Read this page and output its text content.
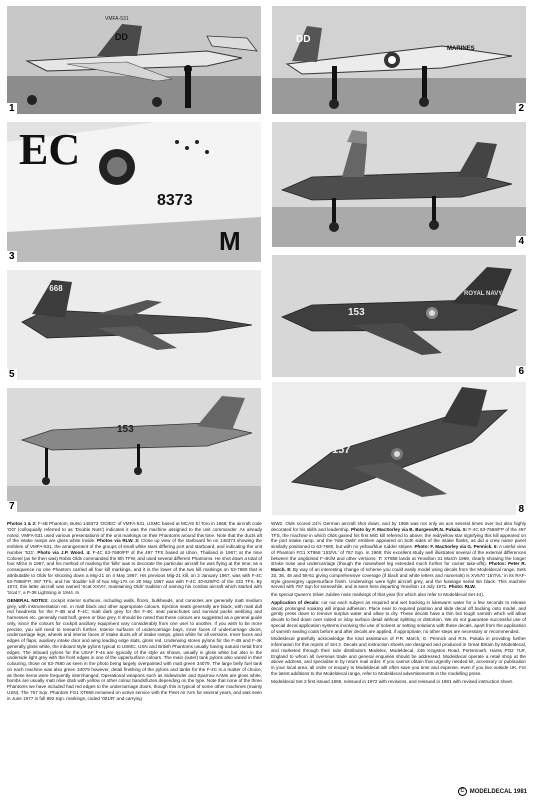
DD
VMFA-531
1
MARINES
DD
2
EC
8373
M
3
4
FP 668
5
ROYAL NAVY
153
6
153
7
157
8

Photos 1 & 2: F-4B Phantom, BuNo 148373 'OO/EC' of VMFA-531, USMC based at MCAS El Toro in 1968; the aircraft code 'OO' (colloquially referred to as 'Double Nuts') indicates it was the machine assigned to the unit commander. As already noted, VMFA-531 used various presentations of the unit markings on their Phantoms around this time. Note that the ducts aft of the intake ramps are gloss white inside. Photos via RLW. 3: Close up view of the starboard fin on 148373 showing the emblem of VMFA-531, the arrangement of the groups of small white stars differing port and starboard, and indicating the unit number '531'. Photo via J.P. Wood. 4: F-4C 63-7680/FP of the 497 TFS based at Ubon, Thailand in 1967; at the time Colonel (as he then was) Robin Olds commanded the 8th TFW, and used several different Phantoms. He shot down a total of four MiGs in 1967, and his method of marking the 'kills' was to decorate the particular aircraft he was flying at the time; as a consequence no one Phantom carried all four kill markings, and it is the lower of the two kill markings on 63-7680 that is attributable to Olds for shooting down a Mig-21 on 4 May 1967. His previous Mig-21 kill, on 2 January 1967, was with F-4C 63-7668/FP, 497 TFS, and his 'double' kill of two Mig-17s on 20 May 1967 was with F-4C 40-829/FG of the 433 TFS. By 1974, this latter aircraft was named 'Scat XXVII', maintaining Olds' tradition of naming his combat aircraft which started with 'Scat I', a P-38 Lightning in 1944. In

GENERAL NOTES: cockpit interior surfaces, including walls, floors, bulkheads, and consoles are generally matt medium grey, with instrumentation etc. in matt black and other appropriate colours. Ejection seats generally are black, with matt dull red headrests for the F-4B and F-4C; matt dark grey for the F-4K; seat parachutes and survival packs webbing and harnesses etc. generally matt buff, green or blue grey. It should be noted that these colours are suggested as a general guide only, since the colours for cockpit ancillary equipment vary considerably from one user to another. If you wish to be more precise, you will need to research further. Interior surfaces of undercarriage bays, inner faces of undercarriage doors, undercarriage legs, wheels and interior faces of intake ducts aft of intake ramps, gloss white for all versions. Inner faces and edges of flaps, auxiliary intake door and wing leading edge slats, gloss red. Underwing stores pylons for the F-4B and F-4K generally gloss white, the inboard style pylons typical to USMC, USN and British Phantoms usually having natural metal front edges. The inboard pylons for the USAF F-4s are typically of the style as shown, usually in gloss white but also in the underside light grey with the front edges in one of the uppersurface colours. The main (outer) tank pylons also varied in their colouring, those on 63-7680 as seen in the photo being largely overpainted with matt green 34079. The large belly fuel tank on each machine was also green 34079 however, detail finishing of the pylons and tanks for the F-4C is a matter of choice, as these items were frequently interchanged. Operational weapons such as Sidewinder and Sparrow AAMs are gloss white, bombs are usually matt olive drab with yellow or other colour bands/fuzes depending on the type. Note that none of the three Phantoms we have included had red edges to the undercarriage doors, though this is typical of some other machines (mainly USN). The 767 Sqn. Phantom FG1 XT868 remained on active service with the Fleet Air Arm for several years, and was seen in June 1977 in full 892 Sqn. markings, coded '001/R' and carrying

WW2. Olds scored 24½ German aircraft shot down, and by 1968 was not only an ace several times over but also highly decorated for his skills and leadership. Photo by F. MacSorley via B. Burgess/R.N. Pukala. 5: F-4C 63-7668/FP of the 497 TFS, the machine in which Olds gained his first MiG kill referred to above; the red/yellow star signifying this kill appeared on the port intake ramp, and the 'Nite Owls' emblem appeared on both sides of the intake flanks, as did a crew name panel similarly positioned to 63-7680, but with no yellow/blue rudder stripes. Photo: F. MacSorley via G. Pennick. 6: A useful view of Phantom FG1 XT868 '153/VL' of 767 Sqn. in 1969; this excellent study well illustrates several of the external differences between the anglicised F-4K/M and other versions. 7: XT858 lands at Yeovilton 31 March 1969, clearly showing the longer stroke nose and undercarriage (though the nosewheel leg extended much further for carrier take-offs). Photos: Peter R. March. 8: By way of an interesting change of scheme you could easily model using decals from the Modeldecal range. Sets 33, 36, 48 and 58-61 giving comprehensive coverage (if black and white letters and numerals) is XV570 '157/VL' in its RAF-style green/grey uppersurface finish. Underwings were light aircraft grey, and the fuselage serial 8in black. This machine served with 767 Sqn for somewhile, and is seen here departing Yeovilton 14 July 1971. Photo: RLW.

the special Queen's Silver Jubilee nose markings of that year (for which also refer to Modeldecal Set 44).

Application of decals: cut out each subject as required and wet backing in lukewarm water for a few seconds to release decal; prolonged soaking will impair adhesion. Place near to required position and slide decal off backing onto model, and gently press down to remove surplus water and allow to dry. These decals have a thin but tough varnish which will allow decals to bed down over raised or inlay surface detail without splitting or distortion. We do not guarantee successful use of special decal application systems involving the use of solvent or setting solutions with these decals, apart from the application of varnish sealing coats before and after decals are applied, if appropriate; no other steps are necessary or recommended.

Modeldecal gratefully acknowledge the kind assistance of P.R. March, G. Pennick and R.N. Pukala in providing further information for this reprint of Set 2. Decals and instruction sheets are designed and produced in Great Britain by Modeldecal, and marketed through their sole distributors Modelex, Modeldecal, 246 Kingston Road, Portsmouth, Hants PO2 7LR, England to whom all overseas trade and general enquiries should be addressed. Modeldecal operate a retail shop at the above address, and specialise in by return mail order. If you cannot obtain that urgently needed kit, accessory or publication in your local area, all order or enquiry to Modeldecal will often save you time and expense, even if you live outside UK. For the latest additions to the Modeldecal range, refer to Modeldecal advertisements in the modelling press.

Modeldecal Set 2 first issued 1969, reissued in 1972 with revisions, and reissued in 1981 with revised instruction sheet.

C MODELDECAL 1981
